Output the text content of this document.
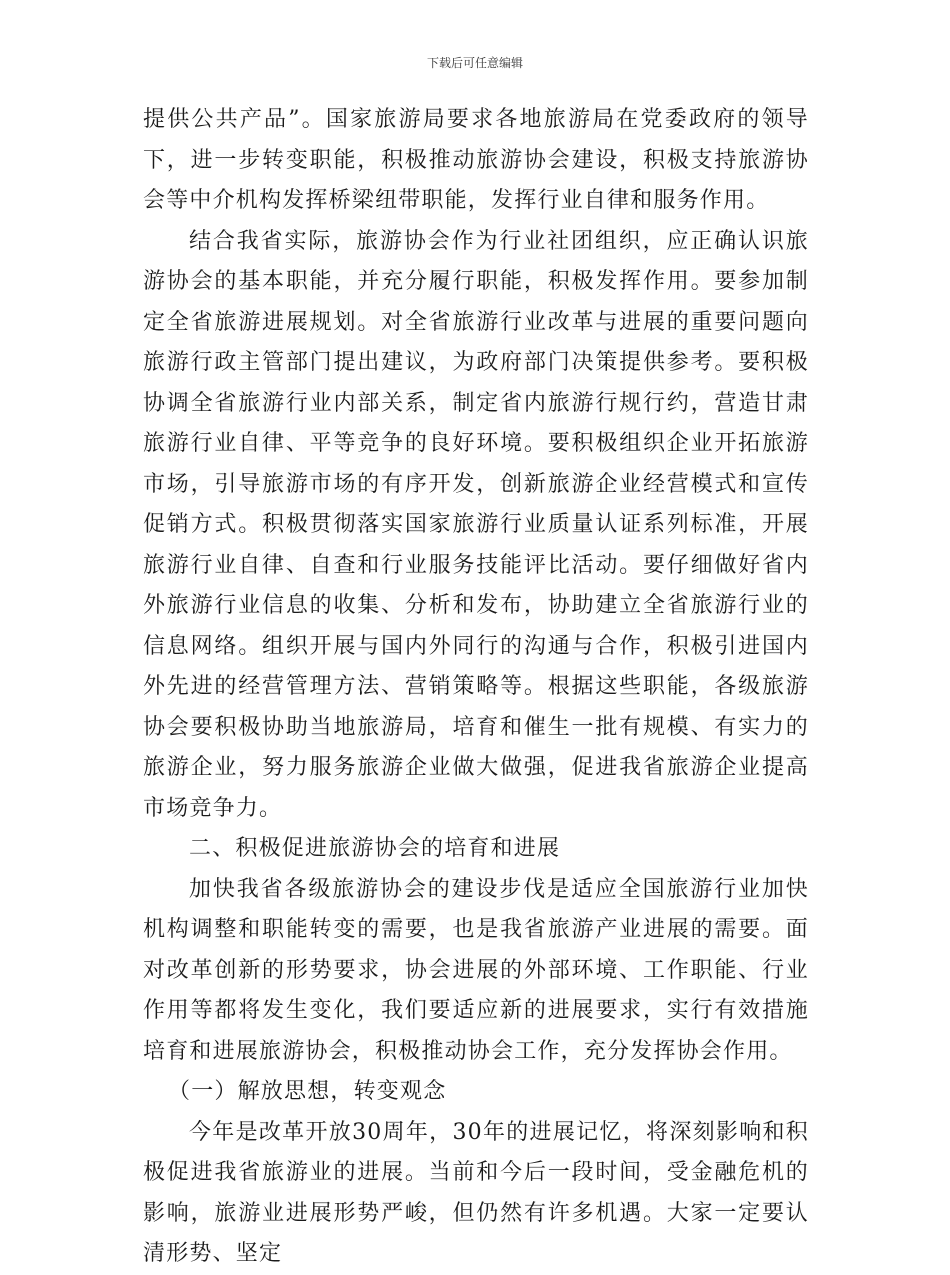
下载后可任意编辑

提供公共产品”。国家旅游局要求各地旅游局在党委政府的领导下，进一步转变职能，积极推动旅游协会建设，积极支持旅游协会等中介机构发挥桥梁纽带职能，发挥行业自律和服务作用。

结合我省实际，旅游协会作为行业社团组织，应正确认识旅游协会的基本职能，并充分履行职能，积极发挥作用。要参加制定全省旅游进展规划。对全省旅游行业改革与进展的重要问题向旅游行政主管部门提出建议，为政府部门决策提供参考。要积极协调全省旅游行业内部关系，制定省内旅游行规行约，营造甘肃旅游行业自律、平等竞争的良好环境。要积极组织企业开拓旅游市场，引导旅游市场的有序开发，创新旅游企业经营模式和宣传促销方式。积极贯彻落实国家旅游行业质量认证系列标准，开展旅游行业自律、自查和行业服务技能评比活动。要仔细做好省内外旅游行业信息的收集、分析和发布，协助建立全省旅游行业的信息网络。组织开展与国内外同行的沟通与合作，积极引进国内外先进的经营管理方法、营销策略等。根据这些职能，各级旅游协会要积极协助当地旅游局，培育和催生一批有规模、有实力的旅游企业，努力服务旅游企业做大做强，促进我省旅游企业提高市场竞争力。

二、积极促进旅游协会的培育和进展

加快我省各级旅游协会的建设步伐是适应全国旅游行业加快机构调整和职能转变的需要，也是我省旅游产业进展的需要。面对改革创新的形势要求，协会进展的外部环境、工作职能、行业作用等都将发生变化，我们要适应新的进展要求，实行有效措施培育和进展旅游协会，积极推动协会工作，充分发挥协会作用。

（一）解放思想，转变观念

今年是改革开放30周年，30年的进展记忆，将深刻影响和积极促进我省旅游业的进展。当前和今后一段时间，受金融危机的影响，旅游业进展形势严峻，但仍然有许多机遇。大家一定要认清形势、坚定
